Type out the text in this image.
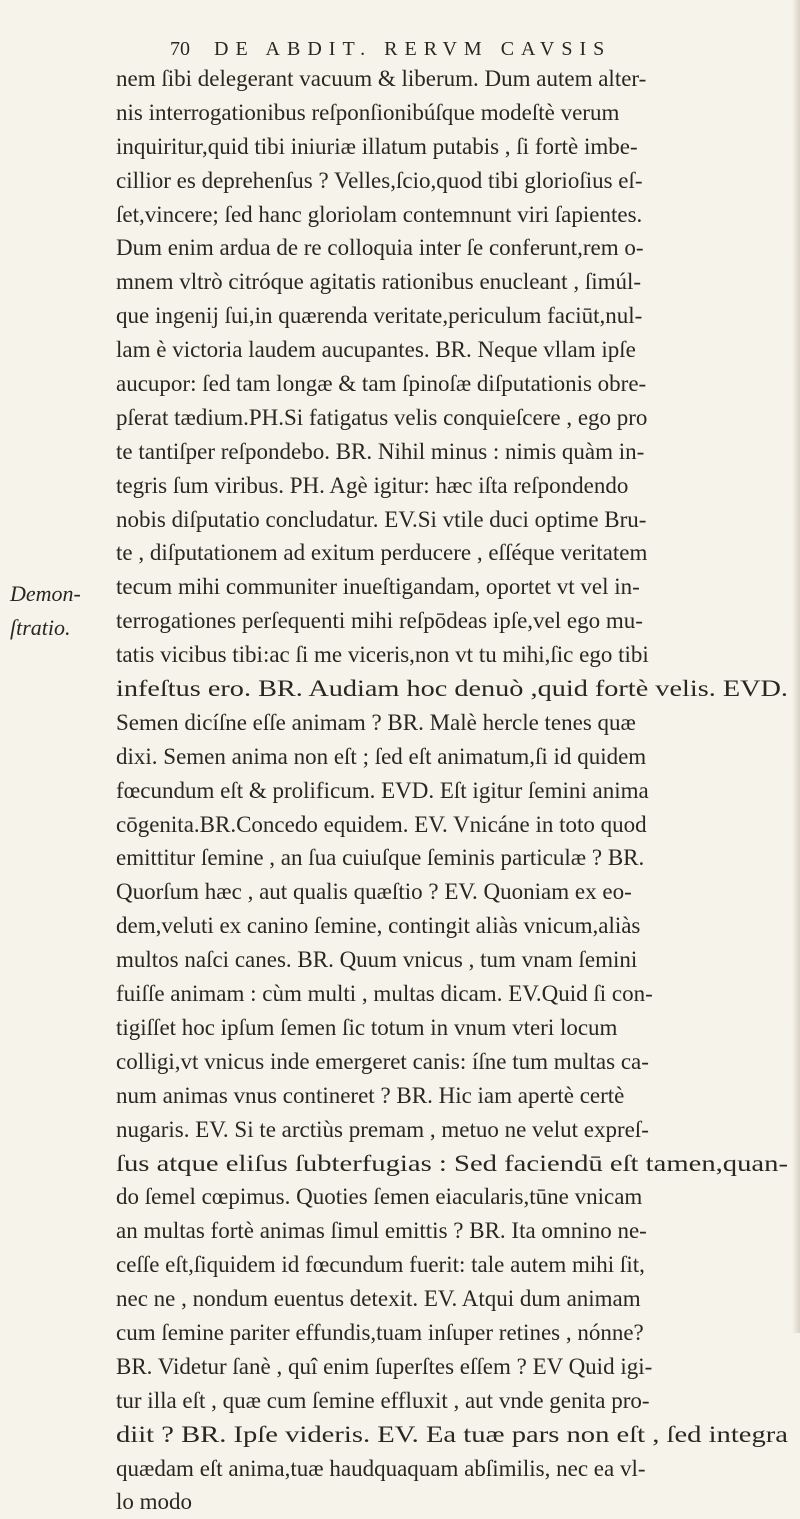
70 DE ABDIT. RERVM CAVSIS
Demon-
ſtratio.
nem ſibi delegerant vacuum & liberum. Dum autem alter-
nis interrogationibus reſponſionibúſque modeſtè verum
inquiritur,quid tibi iniuriæ illatum putabis , ſi fortè imbe-
cillior es deprehenſus ? Velles,ſcio,quod tibi glorioſius eſ-
ſet,vincere; ſed hanc gloriolam contemnunt viri ſapientes.
Dum enim ardua de re colloquia inter ſe conferunt,rem o-
mnem vltrò citróque agitatis rationibus enucleant , ſimúl-
que ingenij ſui,in quærenda veritate,periculum faciūt,nul-
lam è victoria laudem aucupantes. BR. Neque vllam ipſe
aucupor: ſed tam longæ & tam ſpinoſæ diſputationis obre-
pſerat tædium.PH.Si fatigatus velis conquieſcere , ego pro
te tantiſper reſpondebo. BR. Nihil minus : nimis quàm in-
tegris ſum viribus. PH. Agè igitur: hæc iſta reſpondendo
nobis diſputatio concludatur. EV.Si vtile duci optime Bru-
te , diſputationem ad exitum perducere , eſſéque veritatem
tecum mihi communiter inueſtigandam, oportet vt vel in-
terrogationes perſequenti mihi reſpōdeas ipſe,vel ego mu-
tatis vicibus tibi:ac ſi me viceris,non vt tu mihi,ſic ego tibi
infeſtus ero. BR. Audiam hoc denuò ,quid fortè velis. EVD.
Semen dicíſne eſſe animam ? BR. Malè hercle tenes quæ
dixi. Semen anima non eſt ; ſed eſt animatum,ſi id quidem
fœcundum eſt & prolificum. EVD. Eſt igitur ſemini anima
cōgenita.BR.Concedo equidem. EV. Vnicáne in toto quod
emittitur ſemine , an ſua cuiuſque ſeminis particulæ ? BR.
Quorſum hæc , aut qualis quæſtio ? EV. Quoniam ex eo-
dem,veluti ex canino ſemine, contingit aliàs vnicum,aliàs
multos naſci canes. BR. Quum vnicus , tum vnam ſemini
fuiſſe animam : cùm multi , multas dicam. EV.Quid ſi con-
tigiſſet hoc ipſum ſemen ſic totum in vnum vteri locum
colligi,vt vnicus inde emergeret canis: íſne tum multas ca-
num animas vnus contineret ? BR. Hic iam apertè certè
nugaris. EV. Si te arctiùs premam , metuo ne velut expreſ-
ſus atque eliſus ſubterfugias : Sed faciendū eſt tamen,quan-
do ſemel cœpimus. Quoties ſemen eiacularis,tūne vnicam
an multas fortè animas ſimul emittis ? BR. Ita omnino ne-
ceſſe eſt,ſiquidem id fœcundum fuerit: tale autem mihi ſit,
nec ne , nondum euentus detexit. EV. Atqui dum animam
cum ſemine pariter effundis,tuam inſuper retines , nónne?
BR. Videtur ſanè , quî enim ſuperſtes eſſem ? EV Quid igi-
tur illa eſt , quæ cum ſemine effluxit , aut vnde genita pro-
diit ? BR. Ipſe videris. EV. Ea tuæ pars non eſt , ſed integra
quædam eſt anima,tuæ haudquaquam abſimilis, nec ea vl-
lo modo
